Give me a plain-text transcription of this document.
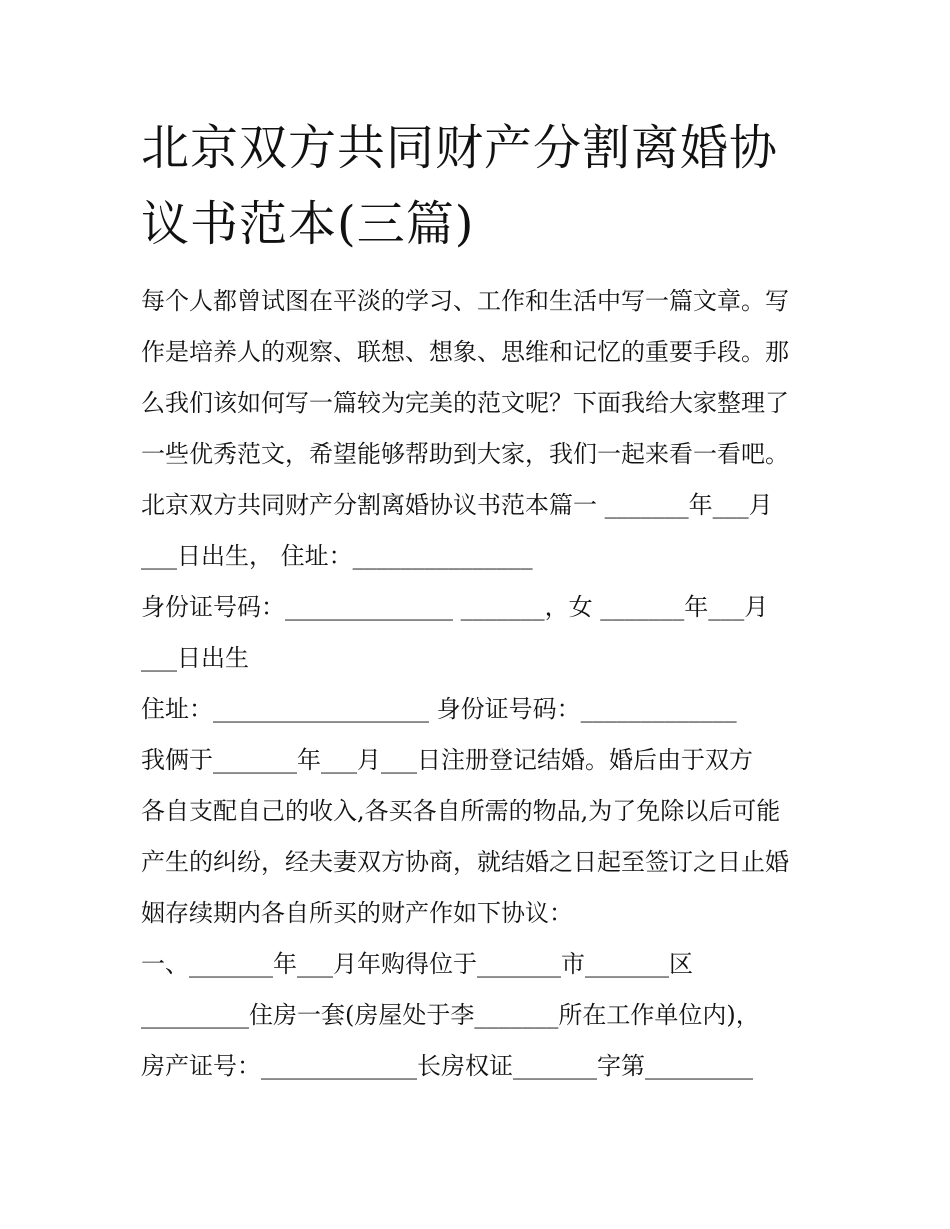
北京双方共同财产分割离婚协
议书范本(三篇)
每个人都曾试图在平淡的学习、工作和生活中写一篇文章。写
作是培养人的观察、联想、想象、思维和记忆的重要手段。那
么我们该如何写一篇较为完美的范文呢？下面我给大家整理了
一些优秀范文，希望能够帮助到大家，我们一起来看一看吧。
北京双方共同财产分割离婚协议书范本篇一 _______年___月
___日出生， 住址：_______________
身份证号码：______________ _______，女 _______年___月
___日出生
住址：__________________ 身份证号码：_____________
我俩于_______年___月___日注册登记结婚。婚后由于双方
各自支配自己的收入,各买各自所需的物品,为了免除以后可能
产生的纠纷，经夫妻双方协商，就结婚之日起至签订之日止婚
姻存续期内各自所买的财产作如下协议：
一、_______年___月年购得位于_______市_______区
_________住房一套(房屋处于李_______所在工作单位内)，
房产证号：_____________长房权证_______字第_________
